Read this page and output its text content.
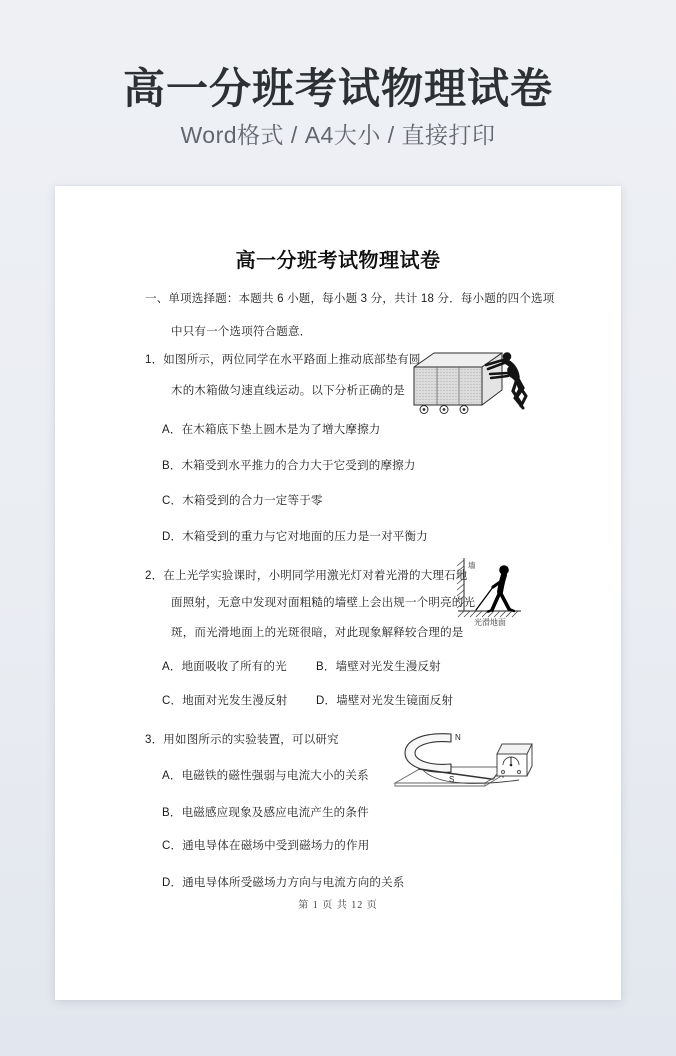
高一分班考试物理试卷
Word格式 / A4大小 / 直接打印
高一分班考试物理试卷
一、单项选择题：本题共 6 小题，每小题 3 分，共计 18 分．每小题的四个选项
中只有一个选项符合题意．
1．如图所示，两位同学在水平路面上推动底部垫有圆
木的木箱做匀速直线运动。以下分析正确的是
A．在木箱底下垫上圆木是为了增大摩擦力
B．木箱受到水平推力的合力大于它受到的摩擦力
C．木箱受到的合力一定等于零
D．木箱受到的重力与它对地面的压力是一对平衡力
2．在上光学实验课时，小明同学用激光灯对着光滑的大理石地
面照射，无意中发现对面粗糙的墙壁上会出规一个明亮的光
斑，而光滑地面上的光斑很暗，对此现象解释较合理的是
A．地面吸收了所有的光	B．墙壁对光发生漫反射
C．地面对光发生漫反射 D．墙壁对光发生镜面反射
墙
光滑地面
3．用如图所示的实验装置，可以研究
A．电磁铁的磁性强弱与电流大小的关系
B．电磁感应现象及感应电流产生的条件
C．通电导体在磁场中受到磁场力的作用
D．通电导体所受磁场力方向与电流方向的关系
N
S
第 1 页 共 12 页
